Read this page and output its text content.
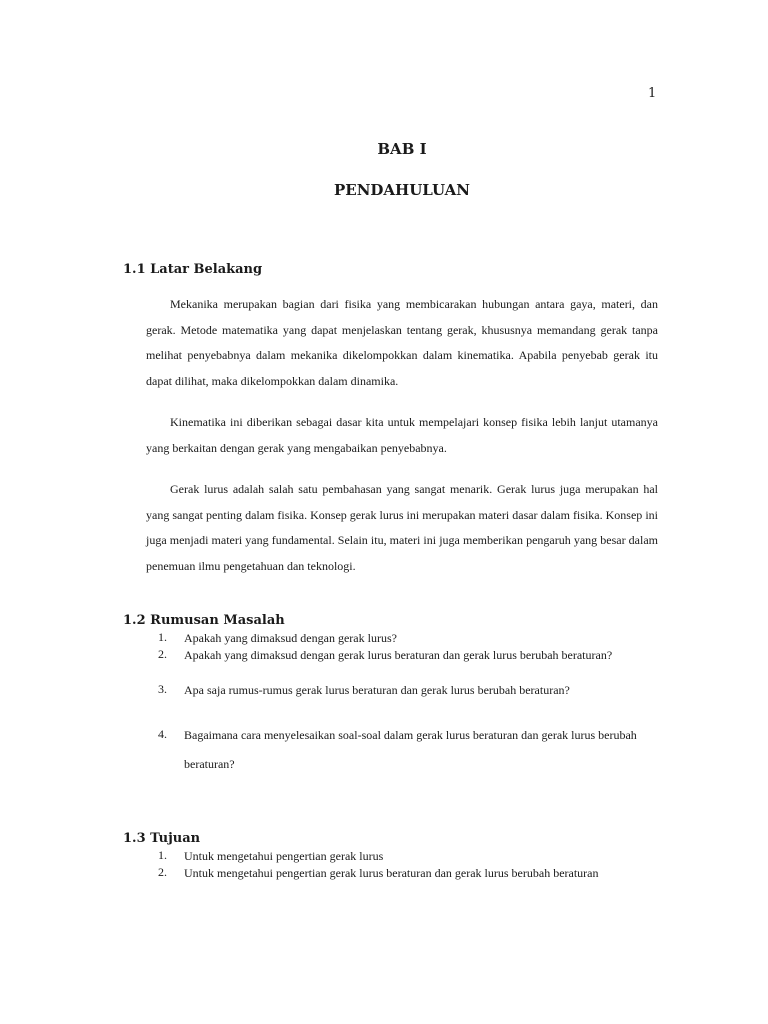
1
BAB I
PENDAHULUAN
1.1 Latar Belakang

Mekanika merupakan bagian dari fisika yang membicarakan hubungan antara gaya, materi, dan gerak. Metode matematika yang dapat menjelaskan tentang gerak, khususnya memandang gerak tanpa melihat penyebabnya dalam mekanika dikelompokkan dalam kinematika. Apabila penyebab gerak itu dapat dilihat, maka dikelompokkan dalam dinamika.

Kinematika ini diberikan sebagai dasar kita untuk mempelajari konsep fisika lebih lanjut utamanya yang berkaitan dengan gerak yang mengabaikan penyebabnya.

Gerak lurus adalah salah satu pembahasan yang sangat menarik. Gerak lurus juga merupakan hal yang sangat penting dalam fisika. Konsep gerak lurus ini merupakan materi dasar dalam fisika. Konsep ini juga menjadi materi yang fundamental. Selain itu, materi ini juga memberikan pengaruh yang besar dalam penemuan ilmu pengetahuan dan teknologi.

1.2 Rumusan Masalah
1. Apakah yang dimaksud dengan gerak lurus?
2. Apakah yang dimaksud dengan gerak lurus beraturan dan gerak lurus berubah beraturan?
3. Apa saja rumus-rumus gerak lurus beraturan dan gerak lurus berubah beraturan?
4. Bagaimana cara menyelesaikan soal-soal dalam gerak lurus beraturan dan gerak lurus berubah beraturan?
1.3 Tujuan
1. Untuk mengetahui pengertian gerak lurus
2. Untuk mengetahui pengertian gerak lurus beraturan dan gerak lurus berubah beraturan
